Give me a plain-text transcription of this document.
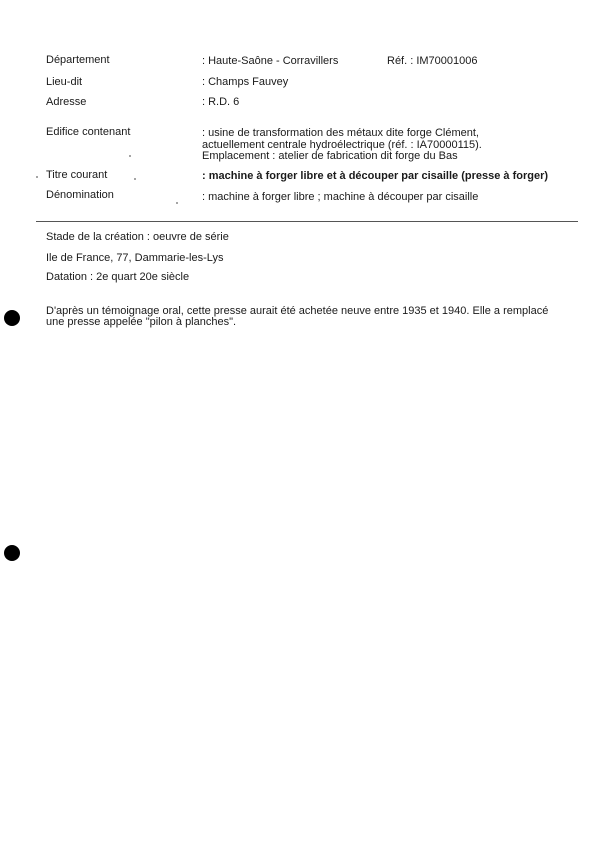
Département	: Haute-Saône - Corravillers	Réf. : IM70001006
Lieu-dit	: Champs Fauvey
Adresse	: R.D. 6
Edifice contenant	: usine de transformation des métaux dite forge Clément, actuellement centrale hydroélectrique (réf. : IA70000115). Emplacement : atelier de fabrication dit forge du Bas
Titre courant	: machine à forger libre et à découper par cisaille (presse à forger)
Dénomination	: machine à forger libre ; machine à découper par cisaille
Stade de la création : oeuvre de série
Ile de France, 77, Dammarie-les-Lys
Datation : 2e quart 20e siècle
D'après un témoignage oral, cette presse aurait été achetée neuve entre 1935 et 1940. Elle a remplacé
une presse appelée "pilon à planches".
